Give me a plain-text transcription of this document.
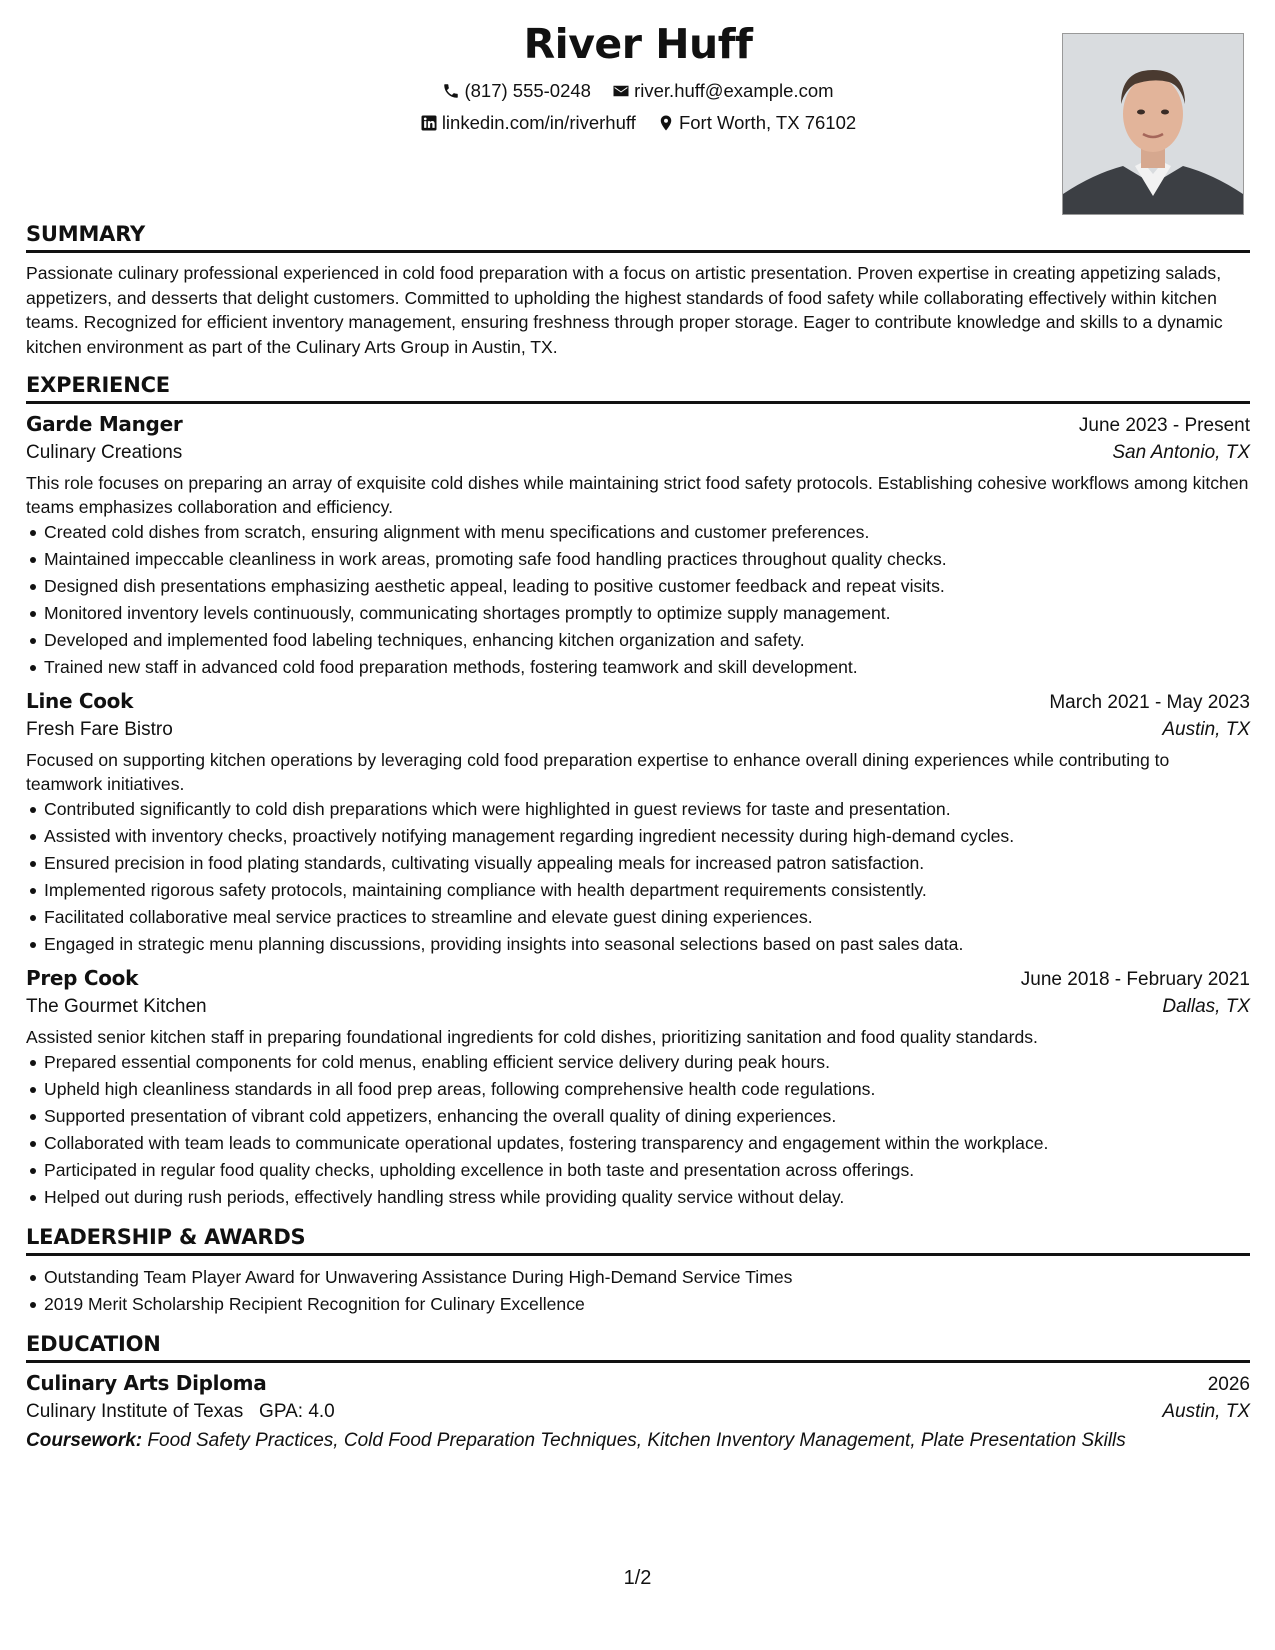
River Huff
(817) 555-0248
river.huff@example.com
linkedin.com/in/riverhuff
Fort Worth, TX 76102
SUMMARY

Passionate culinary professional experienced in cold food preparation with a focus on artistic presentation. Proven expertise in creating appetizing salads, appetizers, and desserts that delight customers. Committed to upholding the highest standards of food safety while collaborating effectively within kitchen teams. Recognized for efficient inventory management, ensuring freshness through proper storage. Eager to contribute knowledge and skills to a dynamic kitchen environment as part of the Culinary Arts Group in Austin, TX.

EXPERIENCE
Garde Manger	June 2023 - Present
Culinary Creations	San Antonio, TX
This role focuses on preparing an array of exquisite cold dishes while maintaining strict food safety protocols. Establishing cohesive workflows among kitchen teams emphasizes collaboration and efficiency.
Created cold dishes from scratch, ensuring alignment with menu specifications and customer preferences.
Maintained impeccable cleanliness in work areas, promoting safe food handling practices throughout quality checks.
Designed dish presentations emphasizing aesthetic appeal, leading to positive customer feedback and repeat visits.
Monitored inventory levels continuously, communicating shortages promptly to optimize supply management.
Developed and implemented food labeling techniques, enhancing kitchen organization and safety.
Trained new staff in advanced cold food preparation methods, fostering teamwork and skill development.
Line Cook	March 2021 - May 2023
Fresh Fare Bistro	Austin, TX
Focused on supporting kitchen operations by leveraging cold food preparation expertise to enhance overall dining experiences while contributing to teamwork initiatives.
Contributed significantly to cold dish preparations which were highlighted in guest reviews for taste and presentation.
Assisted with inventory checks, proactively notifying management regarding ingredient necessity during high-demand cycles.
Ensured precision in food plating standards, cultivating visually appealing meals for increased patron satisfaction.
Implemented rigorous safety protocols, maintaining compliance with health department requirements consistently.
Facilitated collaborative meal service practices to streamline and elevate guest dining experiences.
Engaged in strategic menu planning discussions, providing insights into seasonal selections based on past sales data.
Prep Cook	June 2018 - February 2021
The Gourmet Kitchen	Dallas, TX
Assisted senior kitchen staff in preparing foundational ingredients for cold dishes, prioritizing sanitation and food quality standards.
Prepared essential components for cold menus, enabling efficient service delivery during peak hours.
Upheld high cleanliness standards in all food prep areas, following comprehensive health code regulations.
Supported presentation of vibrant cold appetizers, enhancing the overall quality of dining experiences.
Collaborated with team leads to communicate operational updates, fostering transparency and engagement within the workplace.
Participated in regular food quality checks, upholding excellence in both taste and presentation across offerings.
Helped out during rush periods, effectively handling stress while providing quality service without delay.
LEADERSHIP & AWARDS
Outstanding Team Player Award for Unwavering Assistance During High-Demand Service Times
2019 Merit Scholarship Recipient Recognition for Culinary Excellence
EDUCATION
Culinary Arts Diploma	2026
Culinary Institute of Texas GPA: 4.0	Austin, TX
Coursework: Food Safety Practices, Cold Food Preparation Techniques, Kitchen Inventory Management, Plate Presentation Skills
1/2
